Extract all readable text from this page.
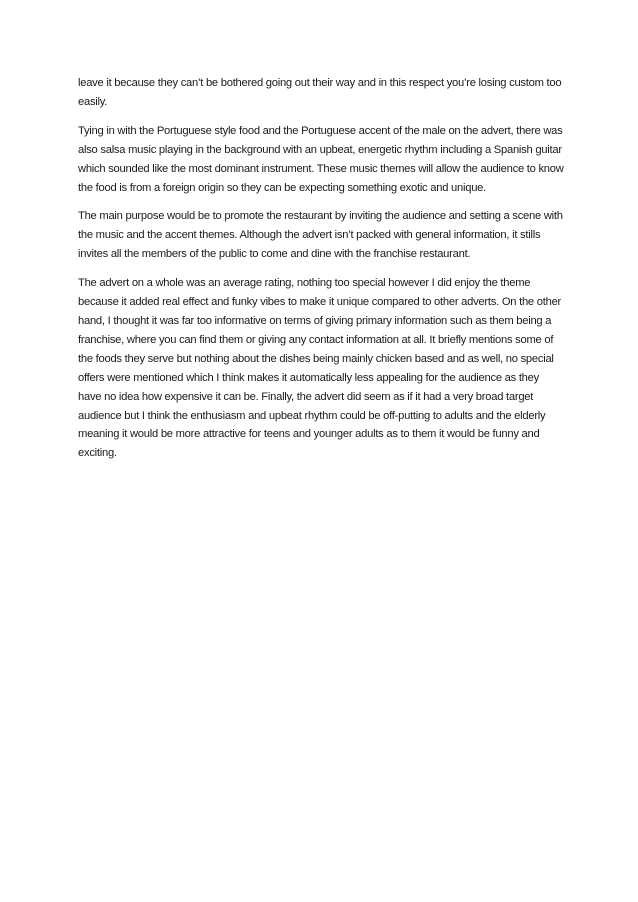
leave it because they can’t be bothered going out their way and in this respect you’re losing custom too easily.

Tying in with the Portuguese style food and the Portuguese accent of the male on the advert, there was also salsa music playing in the background with an upbeat, energetic rhythm including a Spanish guitar which sounded like the most dominant instrument. These music themes will allow the audience to know the food is from a foreign origin so they can be expecting something exotic and unique.

The main purpose would be to promote the restaurant by inviting the audience and setting a scene with the music and the accent themes. Although the advert isn’t packed with general information, it stills invites all the members of the public to come and dine with the franchise restaurant.

The advert on a whole was an average rating, nothing too special however I did enjoy the theme because it added real effect and funky vibes to make it unique compared to other adverts. On the other hand, I thought it was far too informative on terms of giving primary information such as them being a franchise, where you can find them or giving any contact information at all. It briefly mentions some of the foods they serve but nothing about the dishes being mainly chicken based and as well, no special offers were mentioned which I think makes it automatically less appealing for the audience as they have no idea how expensive it can be. Finally, the advert did seem as if it had a very broad target audience but I think the enthusiasm and upbeat rhythm could be off-putting to adults and the elderly meaning it would be more attractive for teens and younger adults as to them it would be funny and exciting.
